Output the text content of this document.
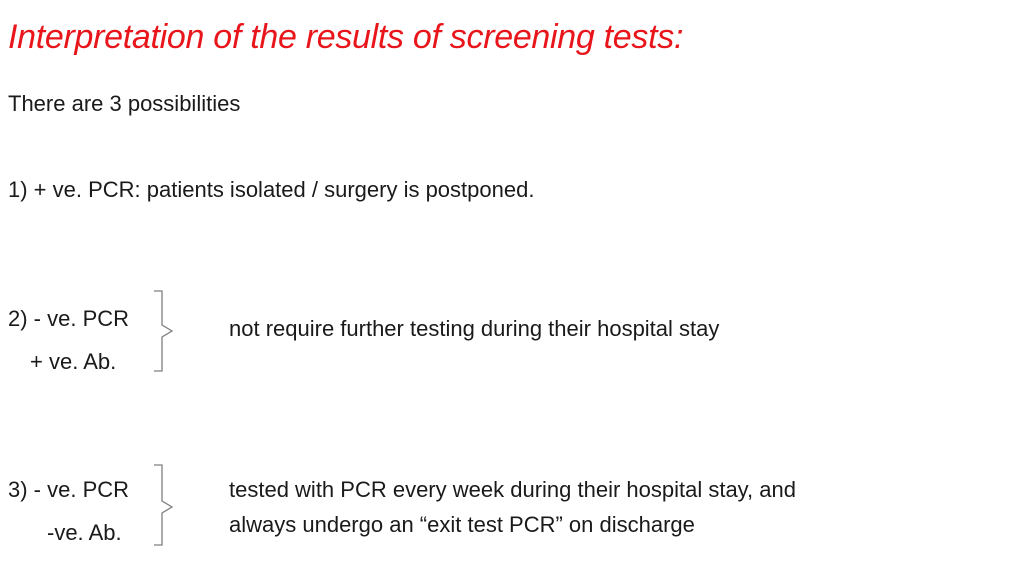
Interpretation of the results of screening tests:
There are 3 possibilities
1) + ve. PCR: patients isolated / surgery is postponed.
2) - ve. PCR
+ ve. Ab.
not require further testing during their hospital stay
3) - ve. PCR
-ve. Ab.
tested with PCR every week during their hospital stay, and
always undergo an “exit test PCR” on discharge
